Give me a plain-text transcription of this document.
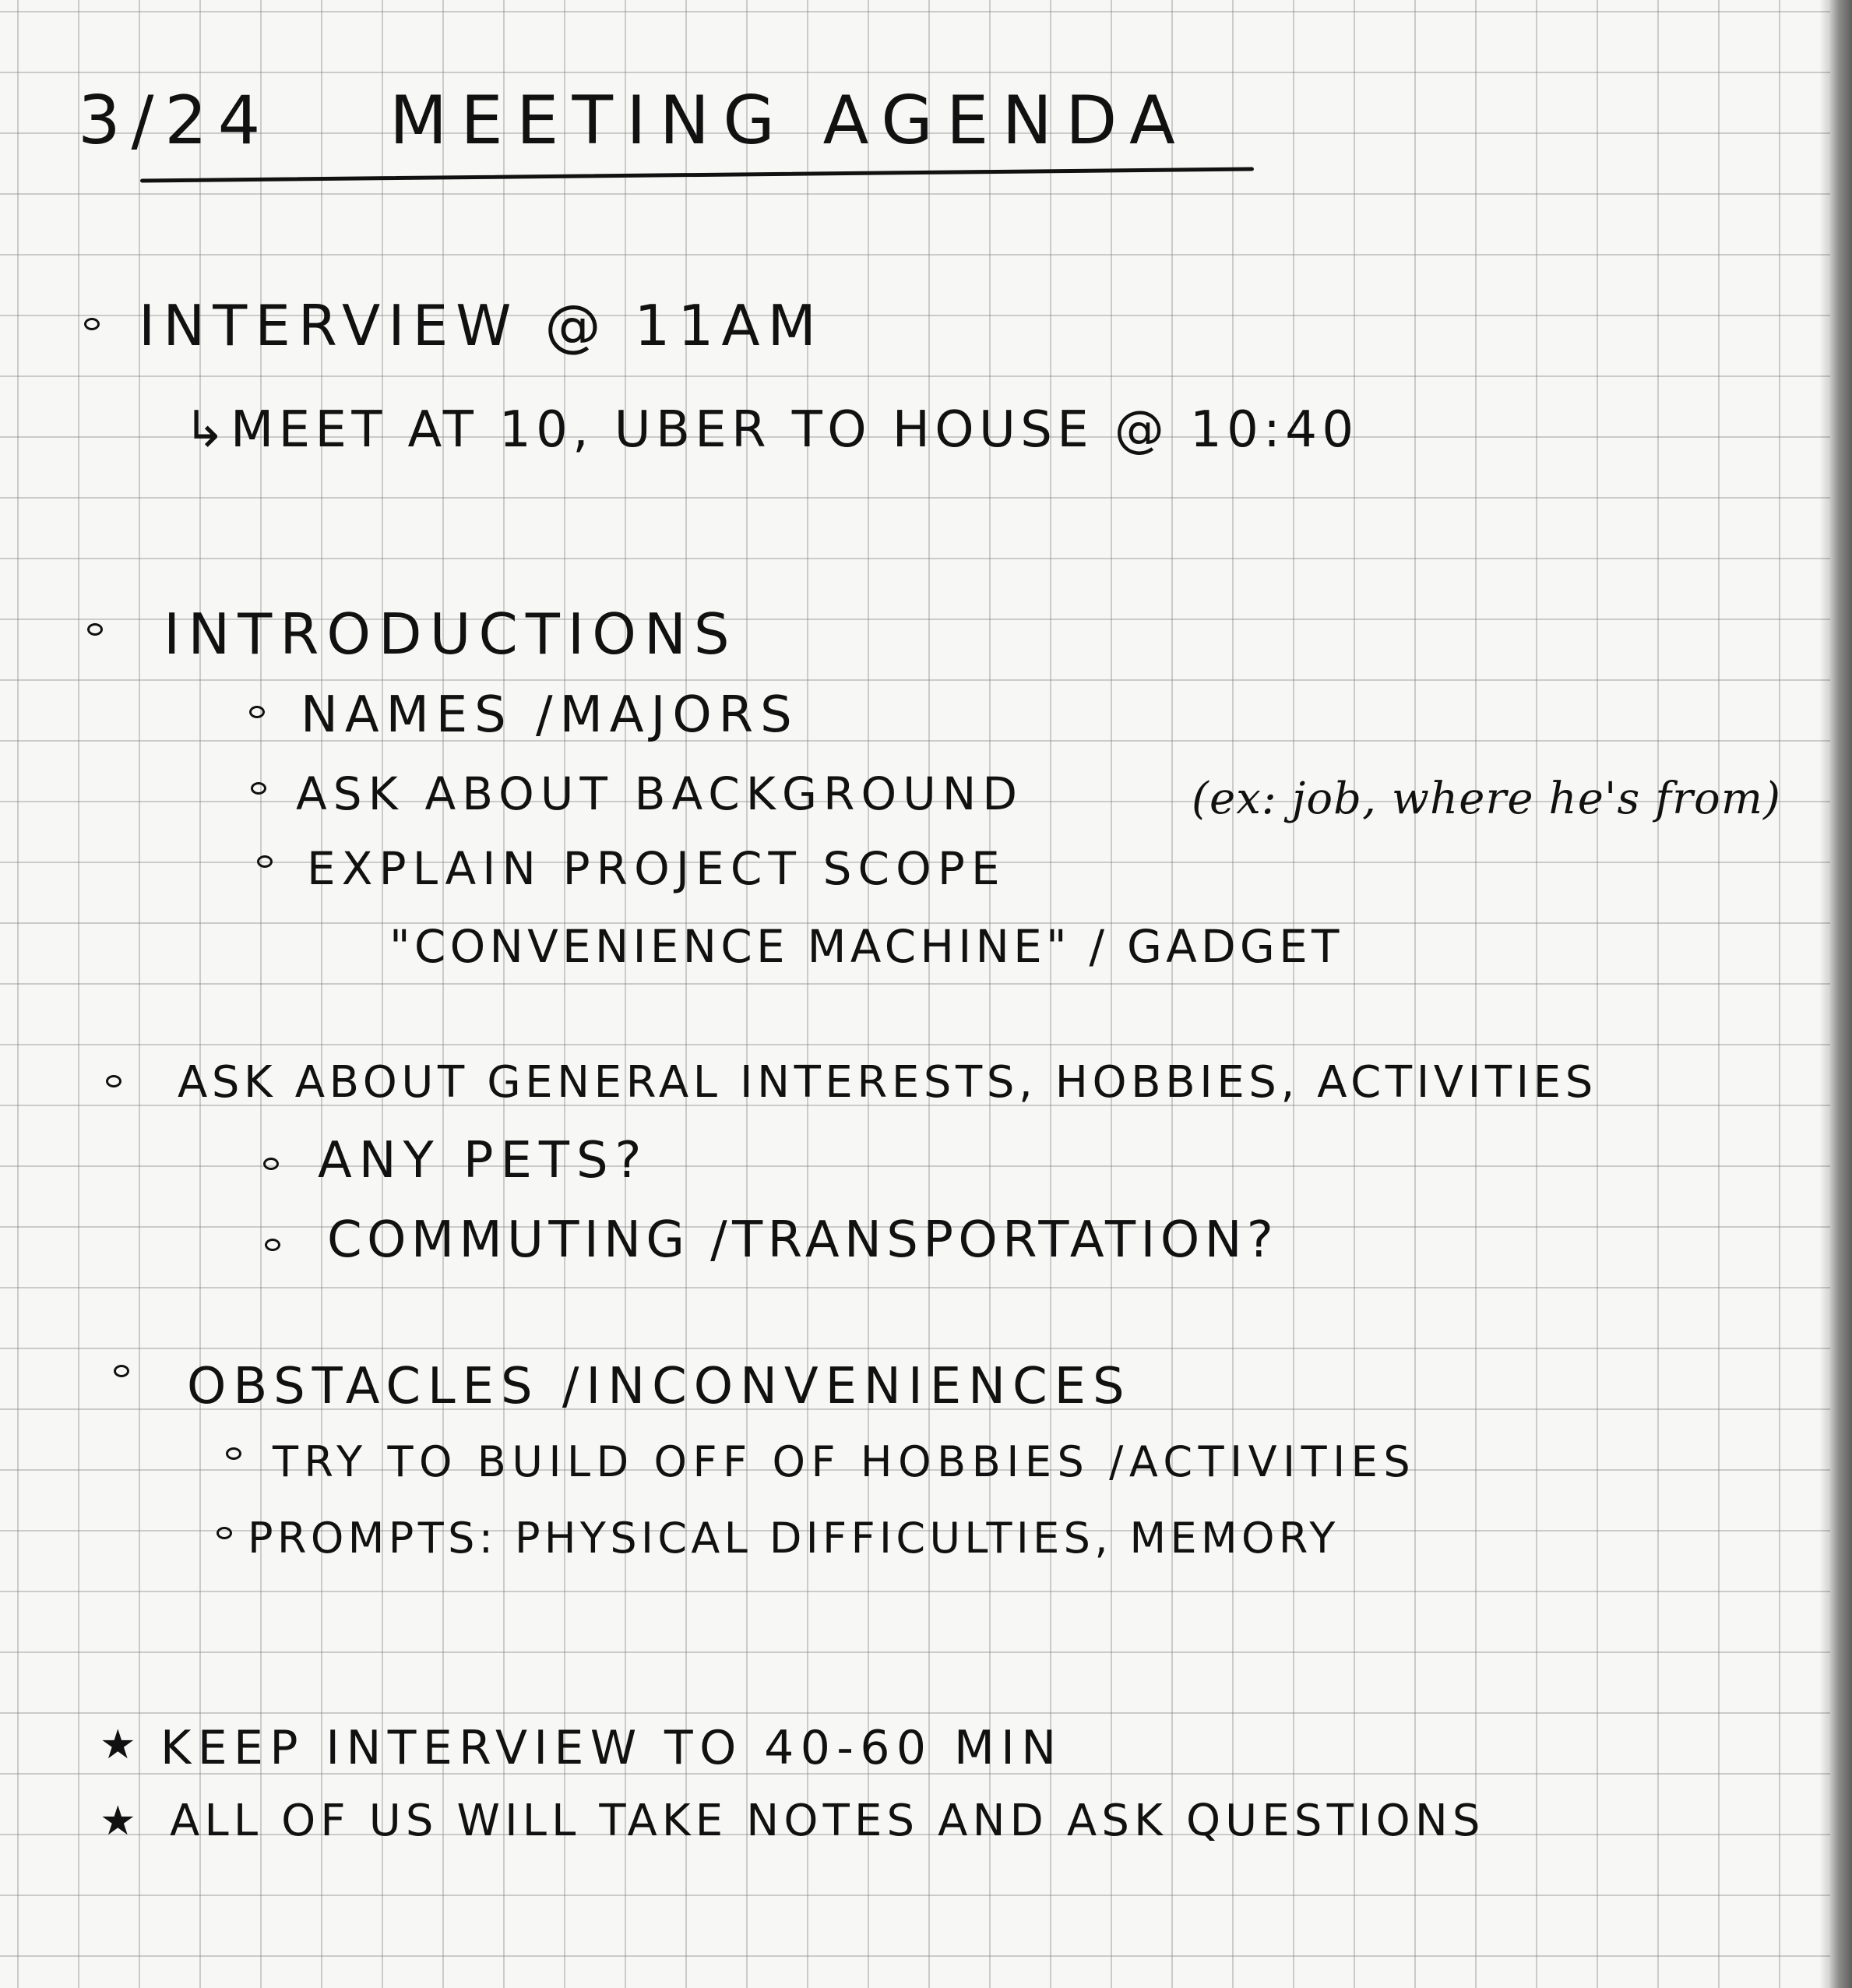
3/24 MEETING AGENDA
INTERVIEW @ 11AM
↳MEET AT 10, UBER TO HOUSE @ 10:40
INTRODUCTIONS
NAMES /MAJORS
ASK ABOUT BACKGROUND	(ex: job, where he's from)
EXPLAIN PROJECT SCOPE
"CONVENIENCE MACHINE" / GADGET
ASK ABOUT GENERAL INTERESTS, HOBBIES, ACTIVITIES
ANY PETS?
COMMUTING /TRANSPORTATION?
OBSTACLES /INCONVENIENCES
TRY TO BUILD OFF OF HOBBIES /ACTIVITIES
PROMPTS: PHYSICAL DIFFICULTIES, MEMORY
★ KEEP INTERVIEW TO 40-60 MIN
★ ALL OF US WILL TAKE NOTES AND ASK QUESTIONS
